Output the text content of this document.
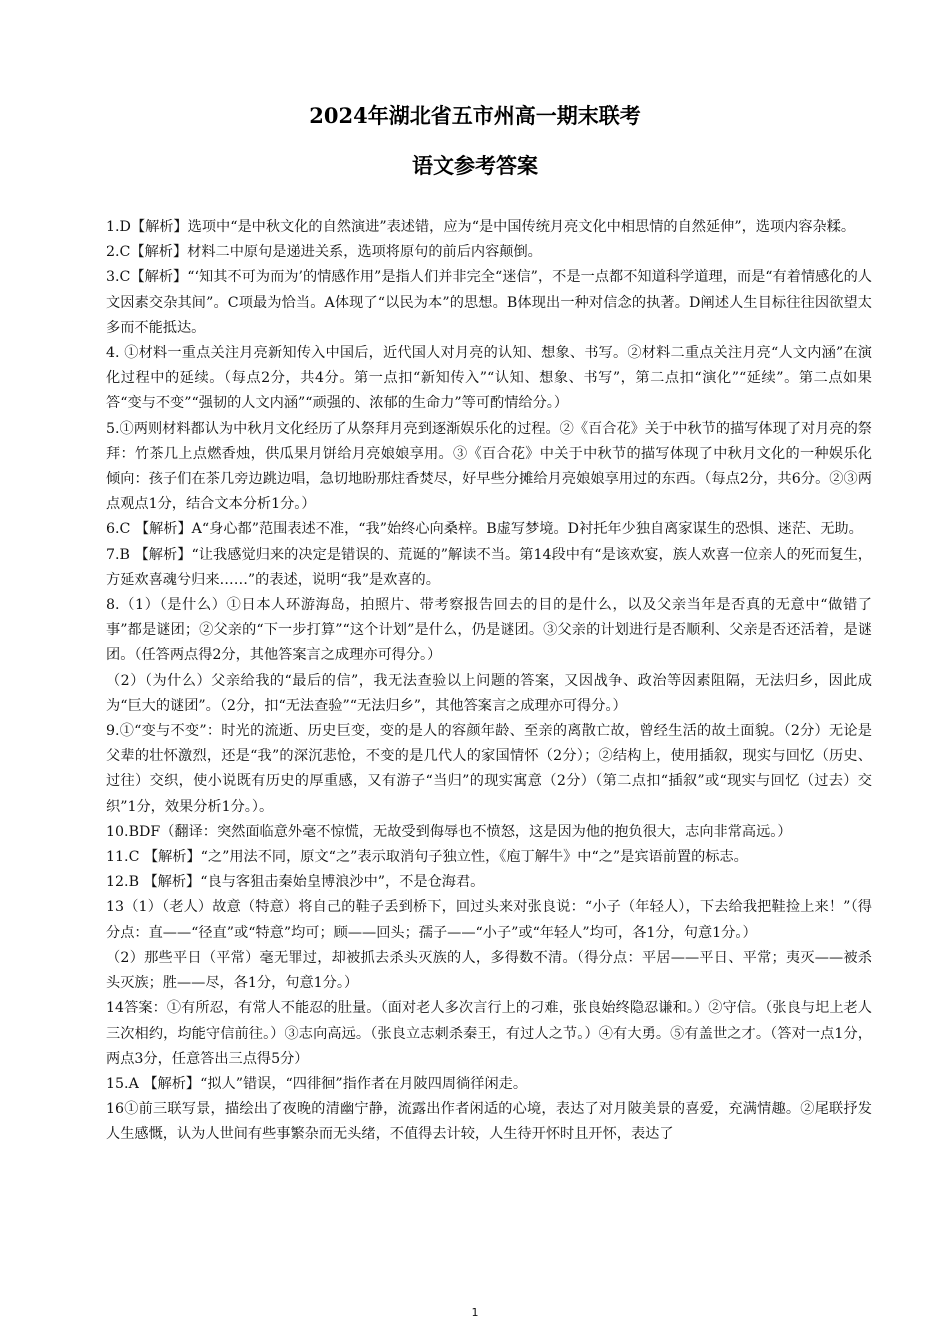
2024年湖北省五市州高一期末联考
语文参考答案

1.D【解析】选项中“是中秋文化的自然演进”表述错，应为“是中国传统月亮文化中相思情的自然延伸”，选项内容杂糅。

2.C【解析】材料二中原句是递进关系，选项将原句的前后内容颠倒。

3.C【解析】“‘知其不可为而为’的情感作用”是指人们并非完全“迷信”，不是一点都不知道科学道理，而是“有着情感化的人文因素交杂其间”。C项最为恰当。A体现了“以民为本”的思想。B体现出一种对信念的执著。D阐述人生目标往往因欲望太多而不能抵达。

4. ①材料一重点关注月亮新知传入中国后，近代国人对月亮的认知、想象、书写。②材料二重点关注月亮“人文内涵”在演化过程中的延续。（每点2分，共4分。第一点扣“新知传入”“认知、想象、书写”，第二点扣“演化”“延续”。第二点如果答“变与不变”“强韧的人文内涵”“顽强的、浓郁的生命力”等可酌情给分。）

5.①两则材料都认为中秋月文化经历了从祭拜月亮到逐渐娱乐化的过程。②《百合花》关于中秋节的描写体现了对月亮的祭拜：竹茶几上点燃香烛，供瓜果月饼给月亮娘娘享用。③《百合花》中关于中秋节的描写体现了中秋月文化的一种娱乐化倾向：孩子们在茶几旁边跳边唱，急切地盼那炷香焚尽，好早些分摊给月亮娘娘享用过的东西。（每点2分，共6分。②③两点观点1分，结合文本分析1分。）

6.C 【解析】A“身心都”范围表述不准，“我”始终心向桑梓。B虚写梦境。D衬托年少独自离家谋生的恐惧、迷茫、无助。

7.B 【解析】“让我感觉归来的决定是错误的、荒诞的”解读不当。第14段中有“是该欢宴，族人欢喜一位亲人的死而复生，方延欢喜魂兮归来……”的表述，说明“我”是欢喜的。

8.（1）（是什么）①日本人环游海岛，拍照片、带考察报告回去的目的是什么，以及父亲当年是否真的无意中“做错了事”都是谜团；②父亲的“下一步打算”“这个计划”是什么，仍是谜团。③父亲的计划进行是否顺利、父亲是否还活着，是谜团。（任答两点得2分，其他答案言之成理亦可得分。）

（2）（为什么）父亲给我的“最后的信”，我无法查验以上问题的答案，又因战争、政治等因素阻隔，无法归乡，因此成为“巨大的谜团”。（2分，扣“无法查验”“无法归乡”，其他答案言之成理亦可得分。）

9.①“变与不变”：时光的流逝、历史巨变，变的是人的容颜年龄、至亲的离散亡故，曾经生活的故土面貌。（2分）无论是父辈的壮怀激烈，还是“我”的深沉悲怆，不变的是几代人的家国情怀（2分）；②结构上，使用插叙，现实与回忆（历史、过往）交织，使小说既有历史的厚重感，又有游子“当归”的现实寓意（2分）（第二点扣“插叙”或“现实与回忆（过去）交织”1分，效果分析1分。）。

10.BDF（翻译：突然面临意外毫不惊慌，无故受到侮辱也不愤怒，这是因为他的抱负很大，志向非常高远。）

11.C 【解析】“之”用法不同，原文“之”表示取消句子独立性，《庖丁解牛》中“之”是宾语前置的标志。

12.B 【解析】“良与客狙击秦始皇博浪沙中”，不是仓海君。

13（1）（老人）故意（特意）将自己的鞋子丢到桥下，回过头来对张良说：“小子（年轻人），下去给我把鞋捡上来！”（得分点：直——“径直”或“特意”均可；顾——回头；孺子——“小子”或“年轻人”均可，各1分，句意1分。）

（2）那些平日（平常）毫无罪过，却被抓去杀头灭族的人，多得数不清。（得分点：平居——平日、平常；夷灭——被杀头灭族；胜——尽，各1分，句意1分。）

14答案：①有所忍，有常人不能忍的肚量。（面对老人多次言行上的刁难，张良始终隐忍谦和。）②守信。（张良与圯上老人三次相约，均能守信前往。）③志向高远。（张良立志刺杀秦王，有过人之节。）④有大勇。⑤有盖世之才。（答对一点1分，两点3分，任意答出三点得5分）

15.A 【解析】“拟人”错误，“四徘徊”指作者在月陂四周徜徉闲走。

16①前三联写景，描绘出了夜晚的清幽宁静，流露出作者闲适的心境，表达了对月陂美景的喜爱，充满情趣。②尾联抒发人生感慨，认为人世间有些事繁杂而无头绪，不值得去计较，人生待开怀时且开怀，表达了

1
